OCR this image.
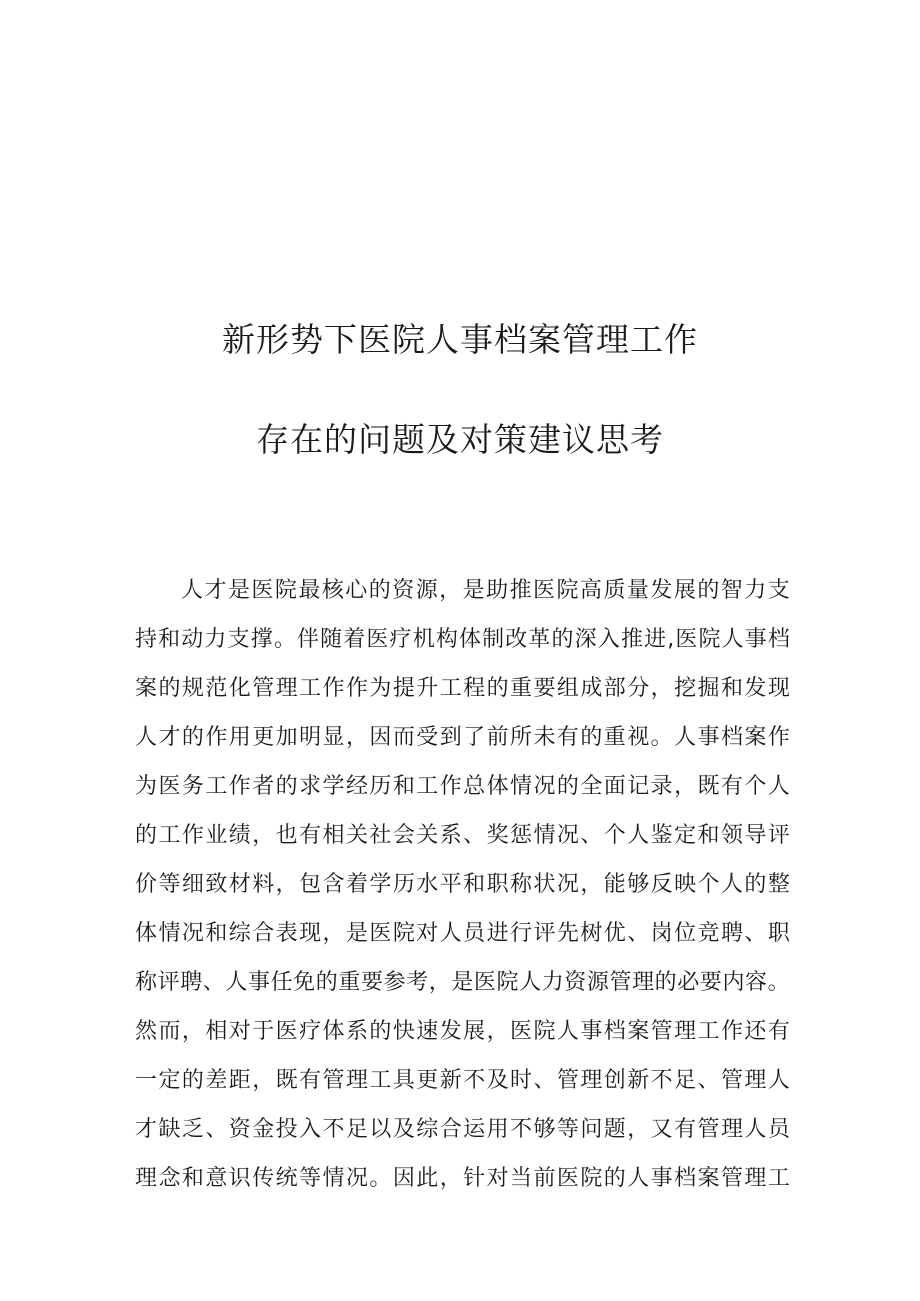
新形势下医院人事档案管理工作
存在的问题及对策建议思考
人 才 是 医 院 最 核 心 的 资 源 ， 是 助 推 医 院 高 质 量 发 展 的 智 力 支
持 和 动 力 支 撑 。 伴 随 着 医 疗 机 构 体 制 改 革 的 深 入 推 进 , 医 院 人 事 档
案 的 规 范 化 管 理 工 作 作 为 提 升 工 程 的 重 要 组 成 部 分 ， 挖 掘 和 发 现
人 才 的 作 用 更 加 明 显 ， 因 而 受 到 了 前 所 未 有 的 重 视 。 人 事 档 案 作
为 医 务 工 作 者 的 求 学 经 历 和 工 作 总 体 情 况 的 全 面 记 录 ， 既 有 个 人
的 工 作 业 绩 ， 也 有 相 关 社 会 关 系 、 奖 惩 情 况 、 个 人 鉴 定 和 领 导 评
价 等 细 致 材 料 ， 包 含 着 学 历 水 平 和 职 称 状 况 ， 能 够 反 映 个 人 的 整
体 情 况 和 综 合 表 现 ， 是 医 院 对 人 员 进 行 评 先 树 优 、 岗 位 竞 聘 、 职
称 评 聘 、 人 事 任 免 的 重 要 参 考 ， 是 医 院 人 力 资 源 管 理 的 必 要 内 容 。
然 而 ， 相 对 于 医 疗 体 系 的 快 速 发 展 ， 医 院 人 事 档 案 管 理 工 作 还 有
一 定 的 差 距 ， 既 有 管 理 工 具 更 新 不 及 时 、 管 理 创 新 不 足 、 管 理 人
才 缺 乏 、 资 金 投 入 不 足 以 及 综 合 运 用 不 够 等 问 题 ， 又 有 管 理 人 员
理 念 和 意 识 传 统 等 情 况 。 因 此 ， 针 对 当 前 医 院 的 人 事 档 案 管 理 工
